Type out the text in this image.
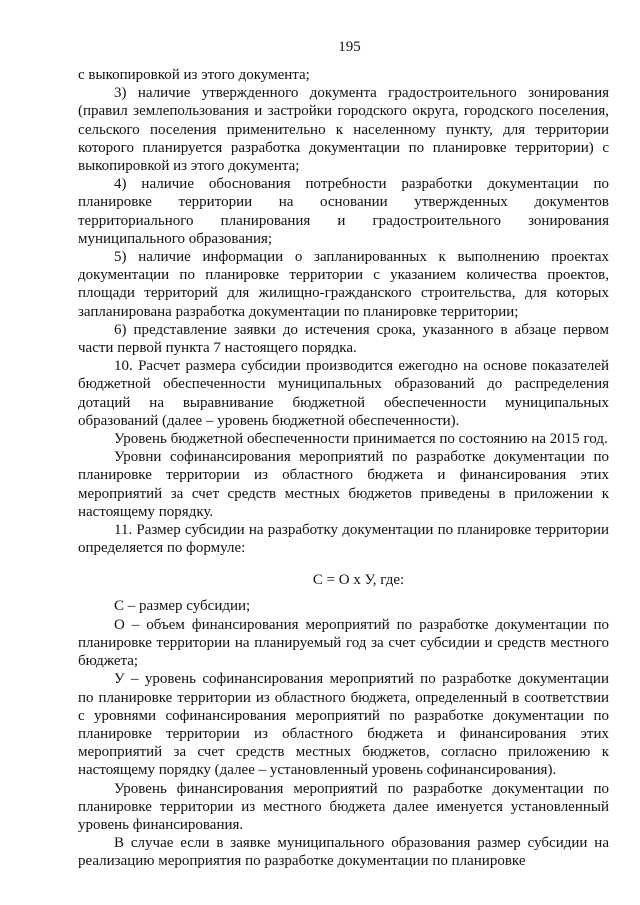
195

с выкопировкой из этого документа;

3) наличие утвержденного документа градостроительного зонирования (правил землепользования и застройки городского округа, городского поселения, сельского поселения применительно к населенному пункту, для территории которого планируется разработка документации по планировке территории) с выкопировкой из этого документа;

4) наличие обоснования потребности разработки документации по планировке территории на основании утвержденных документов территориального планирования и градостроительного зонирования муниципального образования;

5) наличие информации о запланированных к выполнению проектах документации по планировке территории с указанием количества проектов, площади территорий для жилищно-гражданского строительства, для которых запланирована разработка документации по планировке территории;

6) представление заявки до истечения срока, указанного в абзаце первом части первой пункта 7 настоящего порядка.

10. Расчет размера субсидии производится ежегодно на основе показателей бюджетной обеспеченности муниципальных образований до распределения дотаций на выравнивание бюджетной обеспеченности муниципальных образований (далее – уровень бюджетной обеспеченности).

Уровень бюджетной обеспеченности принимается по состоянию на 2015 год.

Уровни софинансирования мероприятий по разработке документации по планировке территории из областного бюджета и финансирования этих мероприятий за счет средств местных бюджетов приведены в приложении к настоящему порядку.

11. Размер субсидии на разработку документации по планировке территории определяется по формуле:

С = О х У, где:

С – размер субсидии;

О – объем финансирования мероприятий по разработке документации по планировке территории на планируемый год за счет субсидии и средств местного бюджета;

У – уровень софинансирования мероприятий по разработке документации по планировке территории из областного бюджета, определенный в соответствии с уровнями софинансирования мероприятий по разработке документации по планировке территории из областного бюджета и финансирования этих мероприятий за счет средств местных бюджетов, согласно приложению к настоящему порядку (далее – установленный уровень софинансирования).

Уровень финансирования мероприятий по разработке документации по планировке территории из местного бюджета далее именуется установленный уровень финансирования.

В случае если в заявке муниципального образования размер субсидии на реализацию мероприятия по разработке документации по планировке
